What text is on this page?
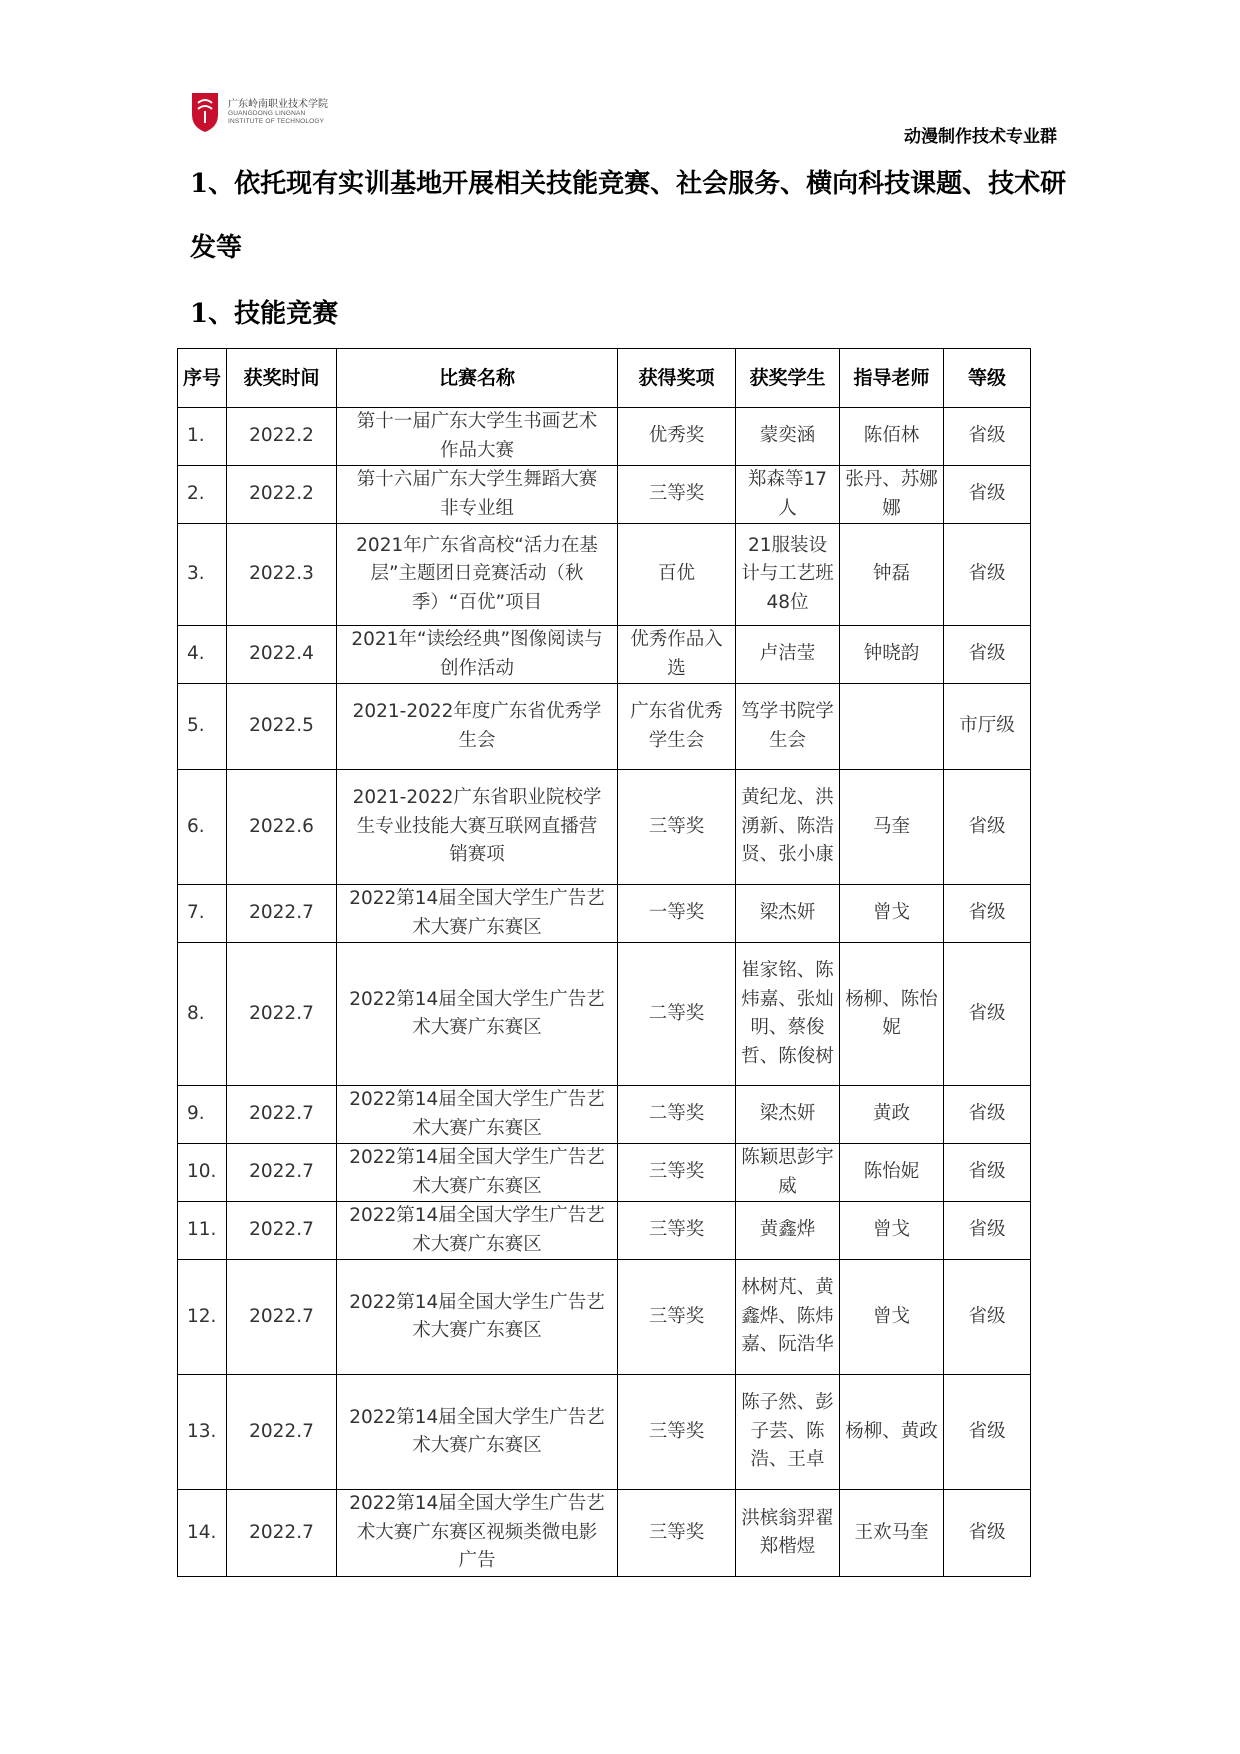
广东岭南职业技术学院
GUANGDONG LINGNAN
INSTITUTE OF TECHNOLOGY
动漫制作技术专业群
1、依托现有实训基地开展相关技能竞赛、社会服务、横向科技课题、技术研发等
1、技能竞赛
序号	获奖时间	比赛名称	获得奖项	获奖学生	指导老师	等级
1.	2022.2	第十一届广东大学生书画艺术作品大赛	优秀奖	蒙奕涵	陈佰林	省级
2.	2022.2	第十六届广东大学生舞蹈大赛非专业组	三等奖	郑森等17人	张丹、苏娜娜	省级
3.	2022.3	2021年广东省高校“活力在基层”主题团日竞赛活动（秋季）“百优”项目	百优	21服装设计与工艺班48位	钟磊	省级
4.	2022.4	2021年“读绘经典”图像阅读与创作活动	优秀作品入选	卢洁莹	钟晓韵	省级
5.	2022.5	2021-2022年度广东省优秀学生会	广东省优秀学生会	笃学书院学生会		市厅级
6.	2022.6	2021-2022广东省职业院校学生专业技能大赛互联网直播营销赛项	三等奖	黄纪龙、洪湧新、陈浩贤、张小康	马奎	省级
7.	2022.7	2022第14届全国大学生广告艺术大赛广东赛区	一等奖	梁杰妍	曾戈	省级
8.	2022.7	2022第14届全国大学生广告艺术大赛广东赛区	二等奖	崔家铭、陈炜嘉、张灿明、蔡俊哲、陈俊树	杨柳、陈怡妮	省级
9.	2022.7	2022第14届全国大学生广告艺术大赛广东赛区	二等奖	梁杰妍	黄政	省级
10.	2022.7	2022第14届全国大学生广告艺术大赛广东赛区	三等奖	陈颖思彭宇威	陈怡妮	省级
11.	2022.7	2022第14届全国大学生广告艺术大赛广东赛区	三等奖	黄鑫烨	曾戈	省级
12.	2022.7	2022第14届全国大学生广告艺术大赛广东赛区	三等奖	林树芃、黄鑫烨、陈炜嘉、阮浩华	曾戈	省级
13.	2022.7	2022第14届全国大学生广告艺术大赛广东赛区	三等奖	陈子然、彭子芸、陈浩、王卓	杨柳、黄政	省级
14.	2022.7	2022第14届全国大学生广告艺术大赛广东赛区视频类微电影广告	三等奖	洪槟翁羿翟郑楷煜	王欢马奎	省级
